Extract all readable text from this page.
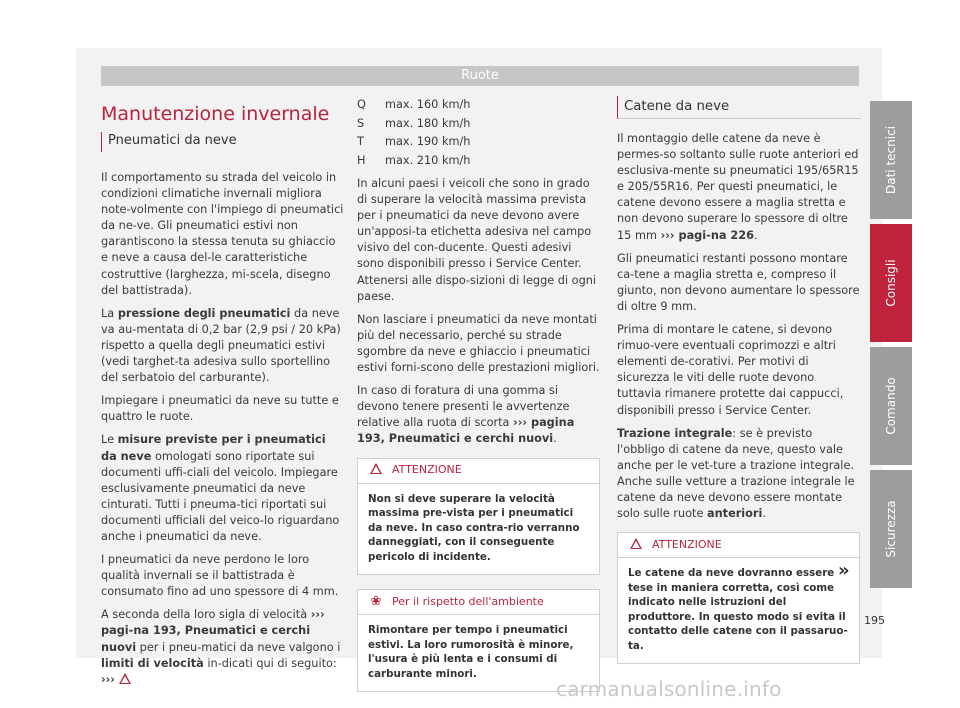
Ruote
Manutenzione invernale
Pneumatici da neve

Il comportamento su strada del veicolo in condizioni climatiche invernali migliora note-volmente con l'impiego di pneumatici da ne-ve. Gli pneumatici estivi non garantiscono la stessa tenuta su ghiaccio e neve a causa del-le caratteristiche costruttive (larghezza, mi-scela, disegno del battistrada).

La pressione degli pneumatici da neve va au-mentata di 0,2 bar (2,9 psi / 20 kPa) rispetto a quella degli pneumatici estivi (vedi targhet-ta adesiva sullo sportellino del serbatoio del carburante).

Impiegare i pneumatici da neve su tutte e quattro le ruote.

Le misure previste per i pneumatici da neve omologati sono riportate sui documenti uffi-ciali del veicolo. Impiegare esclusivamente pneumatici da neve cinturati. Tutti i pneuma-tici riportati sui documenti ufficiali del veico-lo riguardano anche i pneumatici da neve.

I pneumatici da neve perdono le loro qualità invernali se il battistrada è consumato fino ad uno spessore di 4 mm.

A seconda della loro sigla di velocità ››› pagi-na 193, Pneumatici e cerchi nuovi per i pneu-matici da neve valgono i limiti di velocità in-dicati qui di seguito: ›››

Q	max. 160 km/h
S	max. 180 km/h
T	max. 190 km/h
H	max. 210 km/h

In alcuni paesi i veicoli che sono in grado di superare la velocità massima prevista per i pneumatici da neve devono avere un'apposi-ta etichetta adesiva nel campo visivo del con-ducente. Questi adesivi sono disponibili presso i Service Center. Attenersi alle dispo-sizioni di legge di ogni paese.

Non lasciare i pneumatici da neve montati più del necessario, perché su strade sgombre da neve e ghiaccio i pneumatici estivi forni-scono delle prestazioni migliori.

In caso di foratura di una gomma si devono tenere presenti le avvertenze relative alla ruota di scorta ››› pagina 193, Pneumatici e cerchi nuovi.

ATTENZIONE
Non si deve superare la velocità massima pre-vista per i pneumatici da neve. In caso contra-rio verranno danneggiati, con il conseguente pericolo di incidente.
❀ Per il rispetto dell'ambiente
Rimontare per tempo i pneumatici estivi. La loro rumorosità è minore, l'usura è più lenta e i consumi di carburante minori.
Catene da neve

Il montaggio delle catene da neve è permes-so soltanto sulle ruote anteriori ed esclusiva-mente su pneumatici 195/65R15 e 205/55R16. Per questi pneumatici, le catene devono essere a maglia stretta e non devono superare lo spessore di oltre 15 mm ››› pagi-na 226.

Gli pneumatici restanti possono montare ca-tene a maglia stretta e, compreso il giunto, non devono aumentare lo spessore di oltre 9 mm.

Prima di montare le catene, si devono rimuo-vere eventuali coprimozzi e altri elementi de-corativi. Per motivi di sicurezza le viti delle ruote devono tuttavia rimanere protette dai cappucci, disponibili presso i Service Center.

Trazione integrale: se è previsto l'obbligo di catene da neve, questo vale anche per le vet-ture a trazione integrale. Anche sulle vetture a trazione integrale le catene da neve devono essere montate solo sulle ruote anteriori.

ATTENZIONE
Le catene da neve dovranno essere tese in maniera corretta, così come indicato nelle istruzioni del produttore. In questo modo si evita il contatto delle catene con il passaruo-ta.
»
Dati tecnici
Consigli
Comando
Sicurezza
195
carmanualsonline.info
